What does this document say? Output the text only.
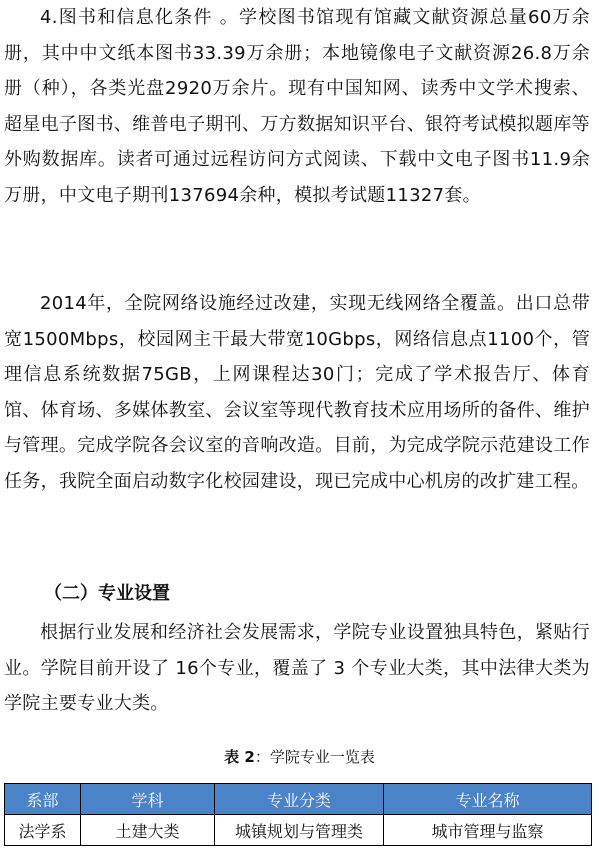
4.图书和信息化条件 。学校图书馆现有馆藏文献资源总量60万余册，其中中文纸本图书33.39万余册；本地镜像电子文献资源26.8万余册（种），各类光盘2920万余片。现有中国知网、读秀中文学术搜索、超星电子图书、维普电子期刊、万方数据知识平台、银符考试模拟题库等外购数据库。读者可通过远程访问方式阅读、下载中文电子图书11.9余万册，中文电子期刊137694余种，模拟考试题11327套。

2014年，全院网络设施经过改建，实现无线网络全覆盖。出口总带宽1500Mbps，校园网主干最大带宽10Gbps，网络信息点1100个，管理信息系统数据75GB，上网课程达30门；完成了学术报告厅、体育馆、体育场、多媒体教室、会议室等现代教育技术应用场所的备件、维护与管理。完成学院各会议室的音响改造。目前，为完成学院示范建设工作任务，我院全面启动数字化校园建设，现已完成中心机房的改扩建工程。

（二）专业设置

根据行业发展和经济社会发展需求，学院专业设置独具特色，紧贴行业。学院目前开设了 16个专业，覆盖了 3 个专业大类，其中法律大类为学院主要专业大类。

表 2：学院专业一览表

系部	学科	专业分类	专业名称
法学系	土建大类	城镇规划与管理类	城市管理与监察
